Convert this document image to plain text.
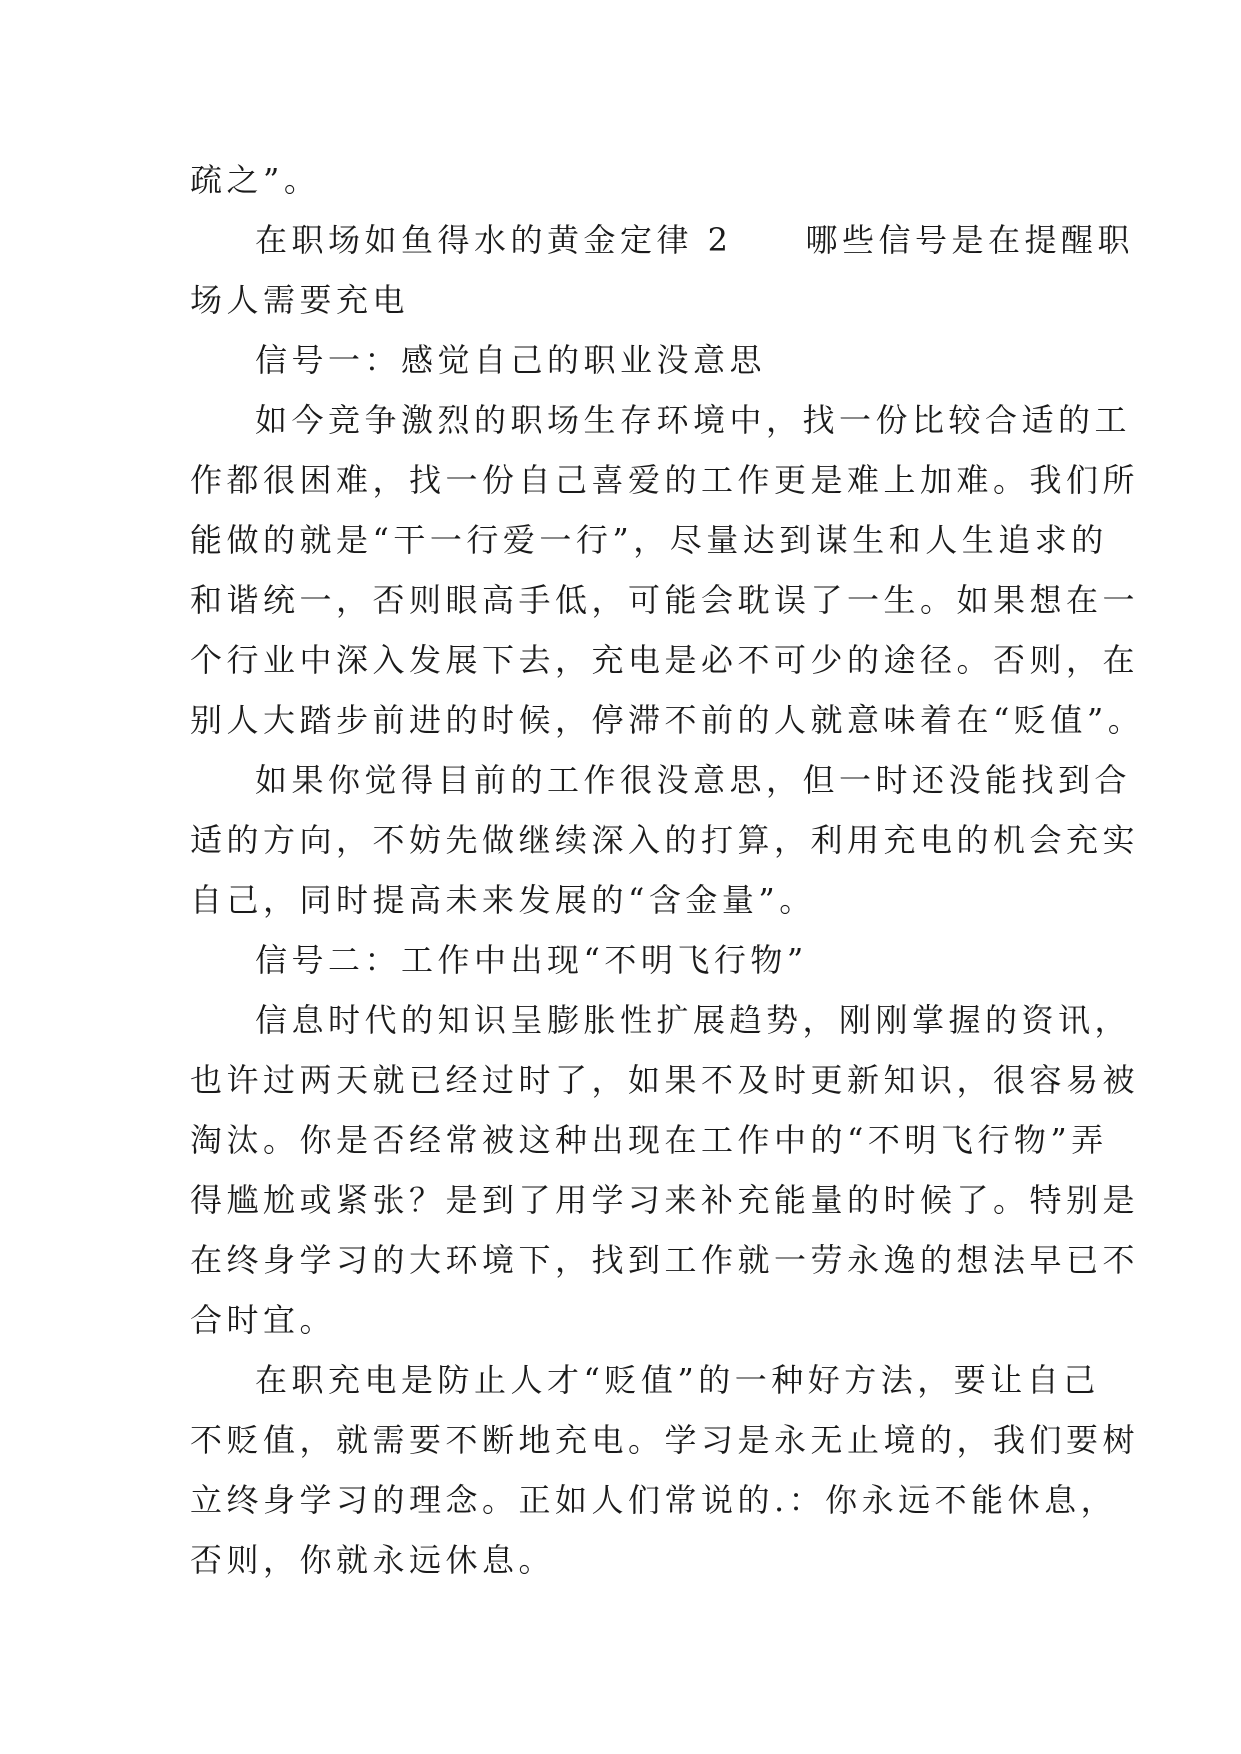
疏之”。

在职场如鱼得水的黄金定律 2　　哪些信号是在提醒职

场人需要充电

信号一：感觉自己的职业没意思

如今竞争激烈的职场生存环境中，找一份比较合适的工

作都很困难，找一份自己喜爱的工作更是难上加难。我们所

能做的就是“干一行爱一行”，尽量达到谋生和人生追求的

和谐统一，否则眼高手低，可能会耽误了一生。如果想在一

个行业中深入发展下去，充电是必不可少的途径。否则，在

别人大踏步前进的时候，停滞不前的人就意味着在“贬值”。

如果你觉得目前的工作很没意思，但一时还没能找到合

适的方向，不妨先做继续深入的打算，利用充电的机会充实

自己，同时提高未来发展的“含金量”。

信号二：工作中出现“不明飞行物”

信息时代的知识呈膨胀性扩展趋势，刚刚掌握的资讯，

也许过两天就已经过时了，如果不及时更新知识，很容易被

淘汰。你是否经常被这种出现在工作中的“不明飞行物”弄

得尴尬或紧张？是到了用学习来补充能量的时候了。特别是

在终身学习的大环境下，找到工作就一劳永逸的想法早已不

合时宜。

在职充电是防止人才“贬值”的一种好方法，要让自己

不贬值，就需要不断地充电。学习是永无止境的，我们要树

立终身学习的理念。正如人们常说的.：你永远不能休息，

否则，你就永远休息。
